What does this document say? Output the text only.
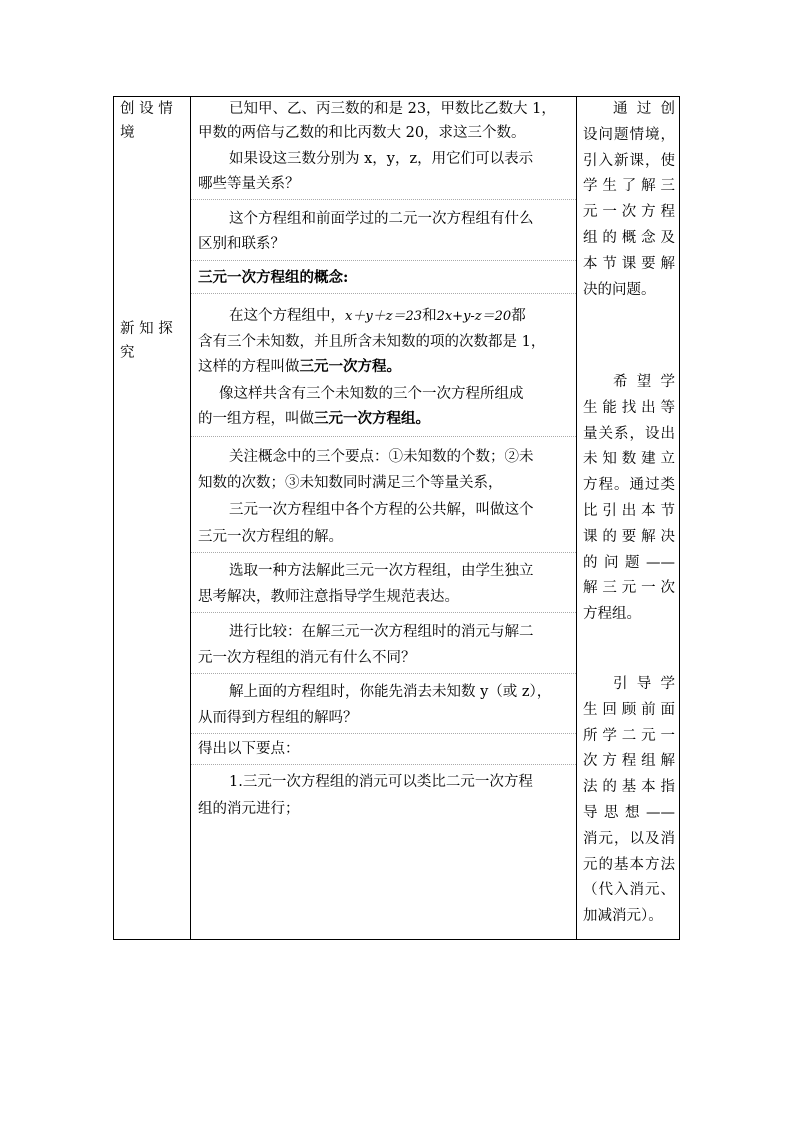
创 设 情
境
新 知 探
究
已知甲、乙、丙三数的和是 23，甲数比乙数大 1，
甲数的两倍与乙数的和比丙数大 20，求这三个数。
如果设这三数分别为 x，y，z，用它们可以表示
哪些等量关系？
这个方程组和前面学过的二元一次方程组有什么
区别和联系？
三元一次方程组的概念:
在这个方程组中，x＋y＋z＝23和2x+y-z＝20都
含有三个未知数，并且所含未知数的项的次数都是 1，
这样的方程叫做三元一次方程。
像这样共含有三个未知数的三个一次方程所组成
的一组方程，叫做三元一次方程组。
关注概念中的三个要点：①未知数的个数；②未
知数的次数；③未知数同时满足三个等量关系，
三元一次方程组中各个方程的公共解，叫做这个
三元一次方程组的解。
选取一种方法解此三元一次方程组，由学生独立
思考解决，教师注意指导学生规范表达。
进行比较：在解三元一次方程组时的消元与解二
元一次方程组的消元有什么不同？
解上面的方程组时，你能先消去未知数 y（或 z），
从而得到方程组的解吗？
得出以下要点：
1.三元一次方程组的消元可以类比二元一次方程
组的消元进行；
通 过 创
设问题情境，
引入新课，使
学生了解三
元一次方程
组的概念及
本节课要解
决的问题。
希 望 学
生能找出等
量关系，设出
未知数建立
方程。通过类
比引出本节
课的要解决
的问题——
解三元一次
方程组。
引 导 学
生回顾前面
所学二元一
次方程组解
法的基本指
导思想——
消元，以及消
元的基本方法
（代入消元、
加减消元）。
